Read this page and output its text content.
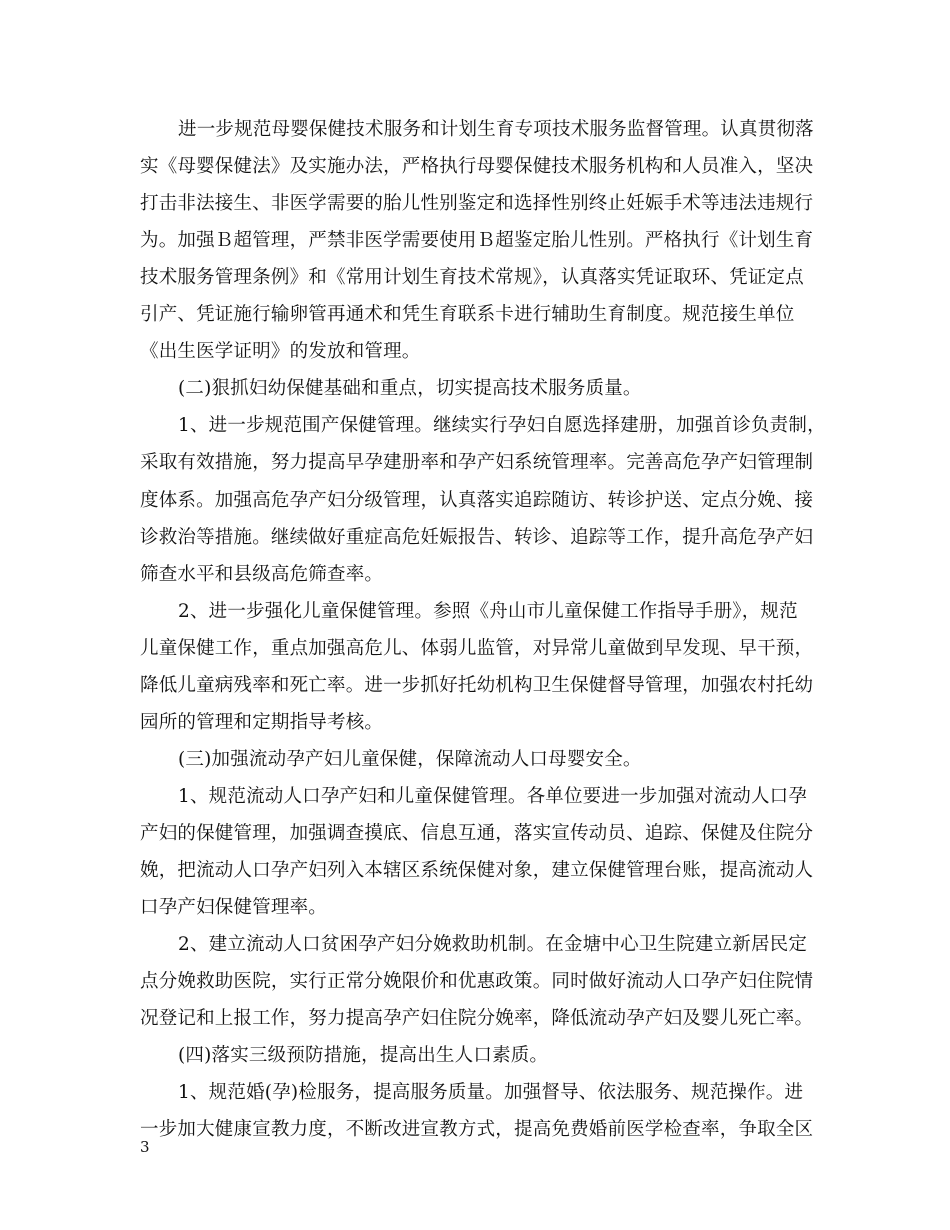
进一步规范母婴保健技术服务和计划生育专项技术服务监督管理。认真贯彻落
实《母婴保健法》及实施办法，严格执行母婴保健技术服务机构和人员准入，坚决
打击非法接生、非医学需要的胎儿性别鉴定和选择性别终止妊娠手术等违法违规行
为。加强Ｂ超管理，严禁非医学需要使用Ｂ超鉴定胎儿性别。严格执行《计划生育
技术服务管理条例》和《常用计划生育技术常规》，认真落实凭证取环、凭证定点
引产、凭证施行输卵管再通术和凭生育联系卡进行辅助生育制度。规范接生单位
《出生医学证明》的发放和管理。
(二)狠抓妇幼保健基础和重点，切实提高技术服务质量。
1、进一步规范围产保健管理。继续实行孕妇自愿选择建册，加强首诊负责制，
采取有效措施，努力提高早孕建册率和孕产妇系统管理率。完善高危孕产妇管理制
度体系。加强高危孕产妇分级管理，认真落实追踪随访、转诊护送、定点分娩、接
诊救治等措施。继续做好重症高危妊娠报告、转诊、追踪等工作，提升高危孕产妇
筛查水平和县级高危筛查率。
2、进一步强化儿童保健管理。参照《舟山市儿童保健工作指导手册》，规范
儿童保健工作，重点加强高危儿、体弱儿监管，对异常儿童做到早发现、早干预，
降低儿童病残率和死亡率。进一步抓好托幼机构卫生保健督导管理，加强农村托幼
园所的管理和定期指导考核。
(三)加强流动孕产妇儿童保健，保障流动人口母婴安全。
1、规范流动人口孕产妇和儿童保健管理。各单位要进一步加强对流动人口孕
产妇的保健管理，加强调查摸底、信息互通，落实宣传动员、追踪、保健及住院分
娩，把流动人口孕产妇列入本辖区系统保健对象，建立保健管理台账，提高流动人
口孕产妇保健管理率。
2、建立流动人口贫困孕产妇分娩救助机制。在金塘中心卫生院建立新居民定
点分娩救助医院，实行正常分娩限价和优惠政策。同时做好流动人口孕产妇住院情
况登记和上报工作，努力提高孕产妇住院分娩率，降低流动孕产妇及婴儿死亡率。
(四)落实三级预防措施，提高出生人口素质。
1、规范婚(孕)检服务，提高服务质量。加强督导、依法服务、规范操作。进
一步加大健康宣教力度，不断改进宣教方式，提高免费婚前医学检查率，争取全区
3
